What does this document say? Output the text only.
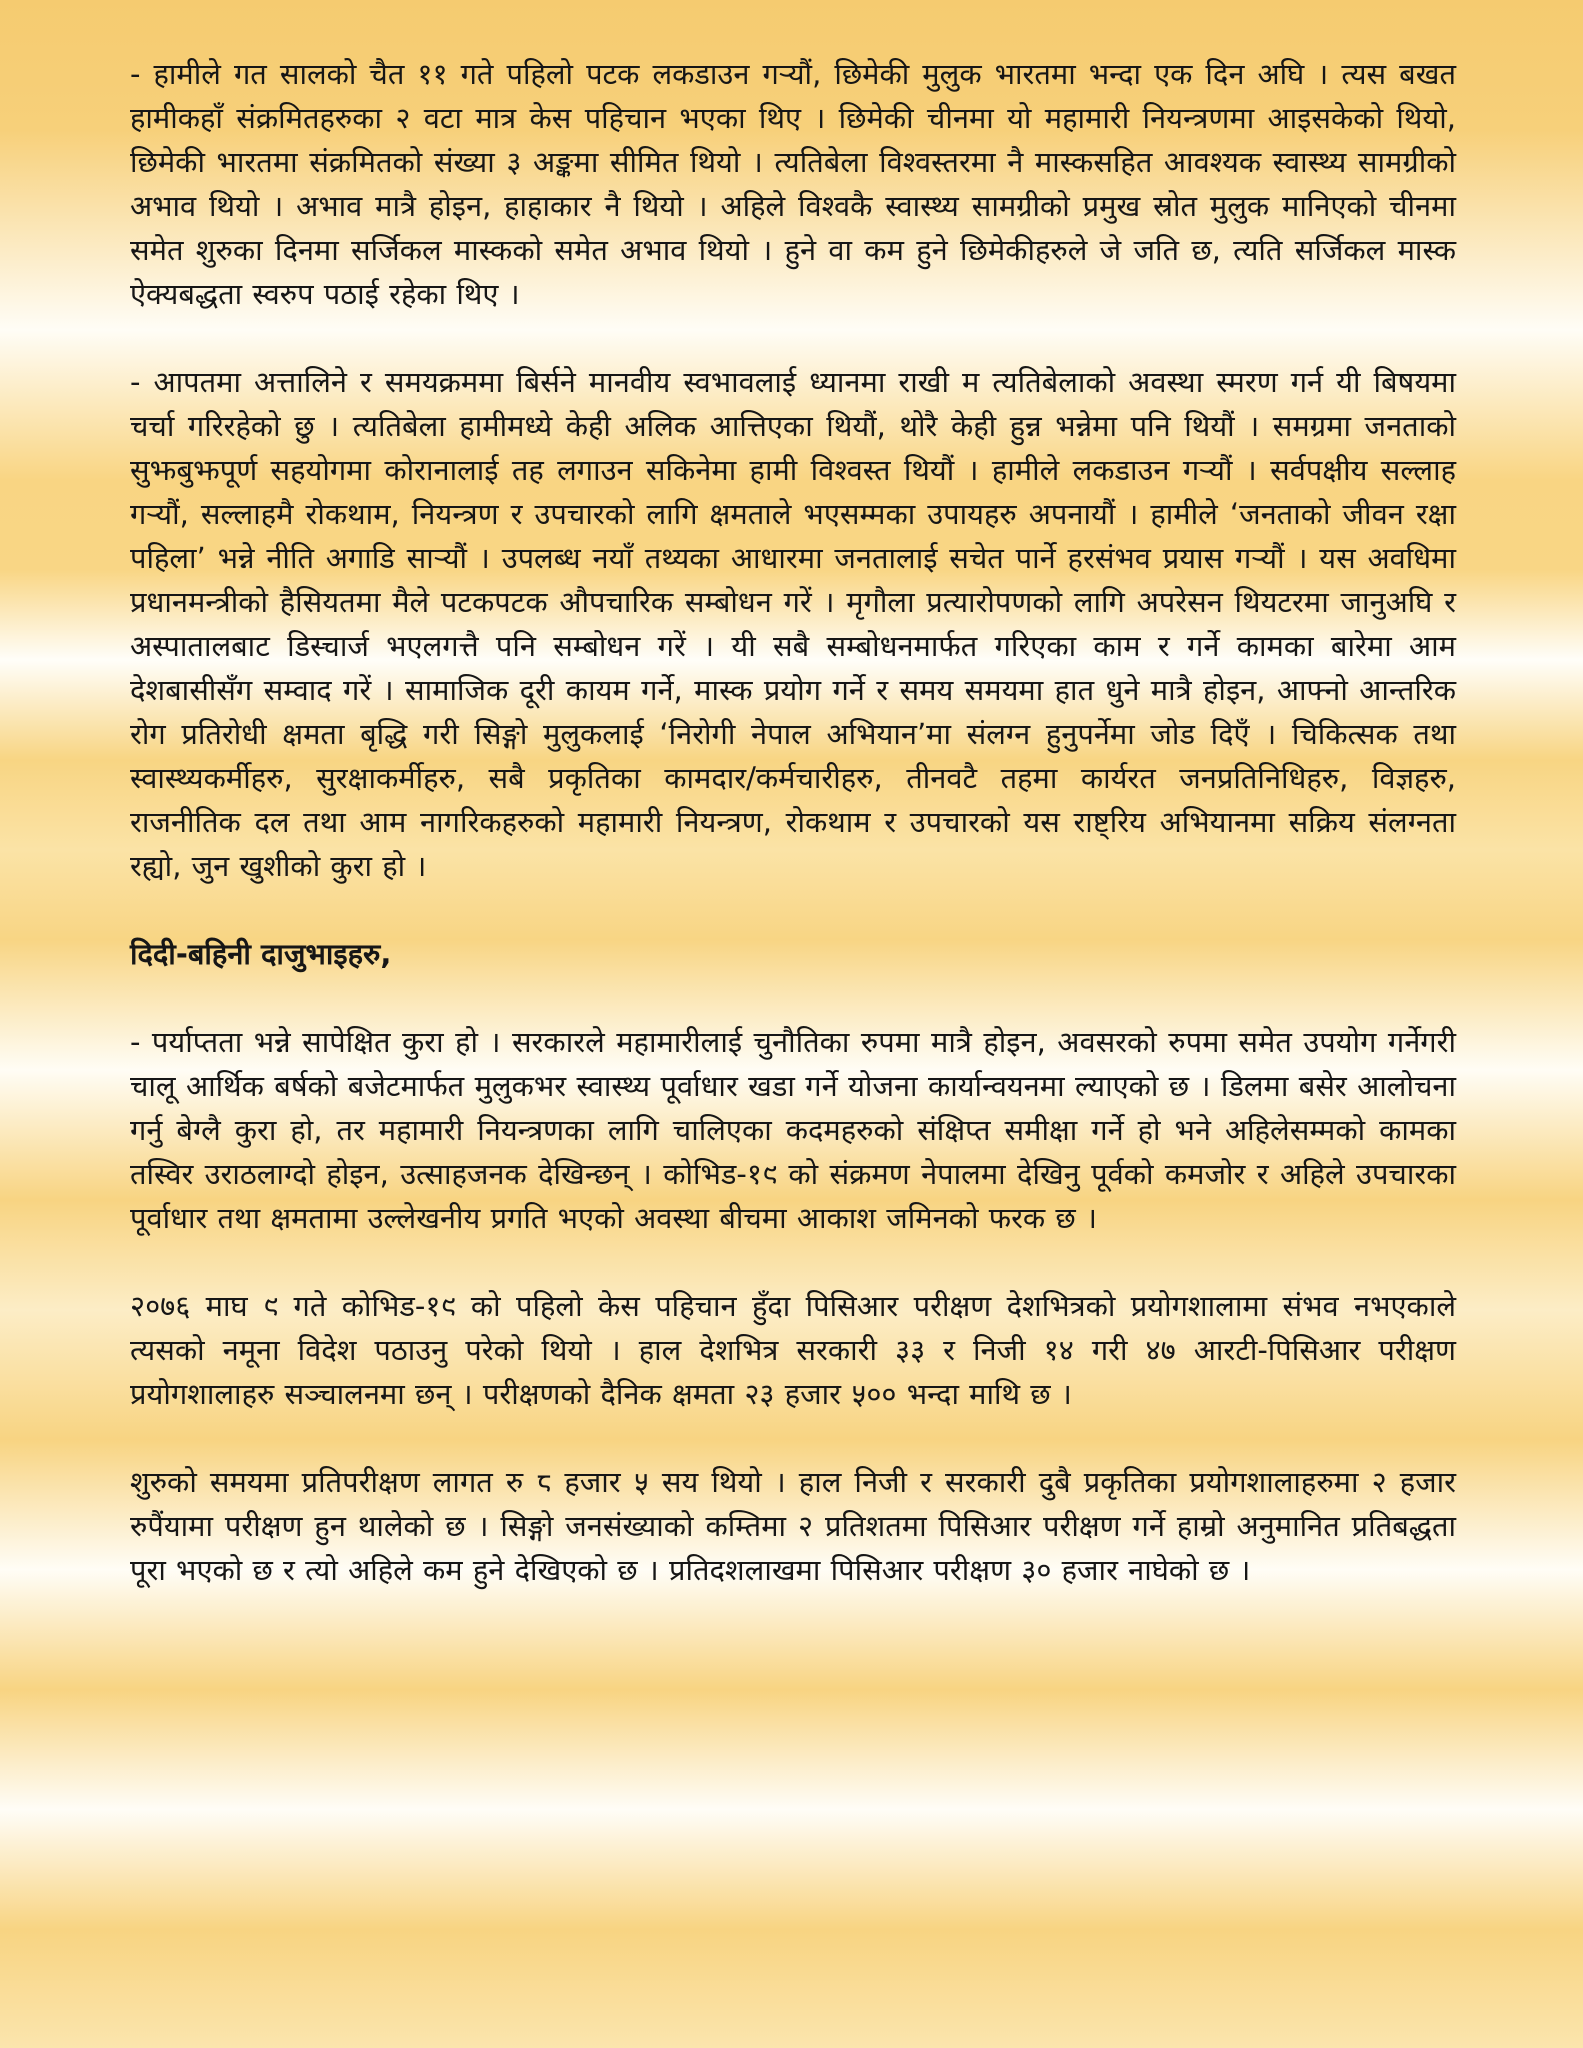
- हामीले गत सालको चैत ११ गते पहिलो पटक लकडाउन गऱ्यौं, छिमेकी मुलुक भारतमा भन्दा एक दिन अघि । त्यस बखत हामीकहाँ संक्रमितहरुका २ वटा मात्र केस पहिचान भएका थिए । छिमेकी चीनमा यो महामारी नियन्त्रणमा आइसकेको थियो, छिमेकी भारतमा संक्रमितको संख्या ३ अङ्कमा सीमित थियो । त्यतिबेला विश्वस्तरमा नै मास्कसहित आवश्यक स्वास्थ्य सामग्रीको अभाव थियो । अभाव मात्रै होइन, हाहाकार नै थियो । अहिले विश्वकै स्वास्थ्य सामग्रीको प्रमुख स्रोत मुलुक मानिएको चीनमा समेत शुरुका दिनमा सर्जिकल मास्कको समेत अभाव थियो । हुने वा कम हुने छिमेकीहरुले जे जति छ, त्यति सर्जिकल मास्क ऐक्यबद्धता स्वरुप पठाई रहेका थिए ।

- आपतमा अत्तालिने र समयक्रममा बिर्सने मानवीय स्वभावलाई ध्यानमा राखी म त्यतिबेलाको अवस्था स्मरण गर्न यी बिषयमा चर्चा गरिरहेको छु । त्यतिबेला हामीमध्ये केही अलिक आत्तिएका थियौं, थोरै केही हुन्न भन्नेमा पनि थियौं । समग्रमा जनताको सुझबुझपूर्ण सहयोगमा कोरानालाई तह लगाउन सकिनेमा हामी विश्वस्त थियौं । हामीले लकडाउन गऱ्यौं । सर्वपक्षीय सल्लाह गऱ्यौं, सल्लाहमै रोकथाम, नियन्त्रण र उपचारको लागि क्षमताले भएसम्मका उपायहरु अपनायौं । हामीले ‘जनताको जीवन रक्षा पहिला’ भन्ने नीति अगाडि साऱ्यौं । उपलब्ध नयाँ तथ्यका आधारमा जनतालाई सचेत पार्ने हरसंभव प्रयास गऱ्यौं । यस अवधिमा प्रधानमन्त्रीको हैसियतमा मैले पटकपटक औपचारिक सम्बोधन गरें । मृगौला प्रत्यारोपणको लागि अपरेसन थियटरमा जानुअघि र अस्पातालबाट डिस्चार्ज भएलगत्तै पनि सम्बोधन गरें । यी सबै सम्बोधनमार्फत गरिएका काम र गर्ने कामका बारेमा आम देशबासीसँग सम्वाद गरें । सामाजिक दूरी कायम गर्ने, मास्क प्रयोग गर्ने र समय समयमा हात धुने मात्रै होइन, आफ्नो आन्तरिक रोग प्रतिरोधी क्षमता बृद्धि गरी सिङ्गो मुलुकलाई ‘निरोगी नेपाल अभियान’मा संलग्न हुनुपर्नेमा जोड दिएँ । चिकित्सक तथा स्वास्थ्यकर्मीहरु, सुरक्षाकर्मीहरु, सबै प्रकृतिका कामदार/कर्मचारीहरु, तीनवटै तहमा कार्यरत जनप्रतिनिधिहरु, विज्ञहरु, राजनीतिक दल तथा आम नागरिकहरुको महामारी नियन्त्रण, रोकथाम र उपचारको यस राष्ट्रिय अभियानमा सक्रिय संलग्नता रह्यो, जुन खुशीको कुरा हो ।

दिदी-बहिनी दाजुभाइहरु,

- पर्याप्तता भन्ने सापेक्षित कुरा हो । सरकारले महामारीलाई चुनौतिका रुपमा मात्रै होइन, अवसरको रुपमा समेत उपयोग गर्नेगरी चालू आर्थिक बर्षको बजेटमार्फत मुलुकभर स्वास्थ्य पूर्वाधार खडा गर्ने योजना कार्यान्वयनमा ल्याएको छ । डिलमा बसेर आलोचना गर्नु बेग्लै कुरा हो, तर महामारी नियन्त्रणका लागि चालिएका कदमहरुको संक्षिप्त समीक्षा गर्ने हो भने अहिलेसम्मको कामका तस्विर उराठलाग्दो होइन, उत्साहजनक देखिन्छन् । कोभिड-१९ को संक्रमण नेपालमा देखिनु पूर्वको कमजोर र अहिले उपचारका पूर्वाधार तथा क्षमतामा उल्लेखनीय प्रगति भएको अवस्था बीचमा आकाश जमिनको फरक छ ।

२०७६ माघ ९ गते कोभिड-१९ को पहिलो केस पहिचान हुँदा पिसिआर परीक्षण देशभित्रको प्रयोगशालामा संभव नभएकाले त्यसको नमूना विदेश पठाउनु परेको थियो । हाल देशभित्र सरकारी ३३ र निजी १४ गरी ४७ आरटी-पिसिआर परीक्षण प्रयोगशालाहरु सञ्चालनमा छन् । परीक्षणको दैनिक क्षमता २३ हजार ५०० भन्दा माथि छ ।

शुरुको समयमा प्रतिपरीक्षण लागत रु ८ हजार ५ सय थियो । हाल निजी र सरकारी दुबै प्रकृतिका प्रयोगशालाहरुमा २ हजार रुपैंयामा परीक्षण हुन थालेको छ । सिङ्गो जनसंख्याको कम्तिमा २ प्रतिशतमा पिसिआर परीक्षण गर्ने हाम्रो अनुमानित प्रतिबद्धता पूरा भएको छ र त्यो अहिले कम हुने देखिएको छ । प्रतिदशलाखमा पिसिआर परीक्षण ३० हजार नाघेको छ ।
